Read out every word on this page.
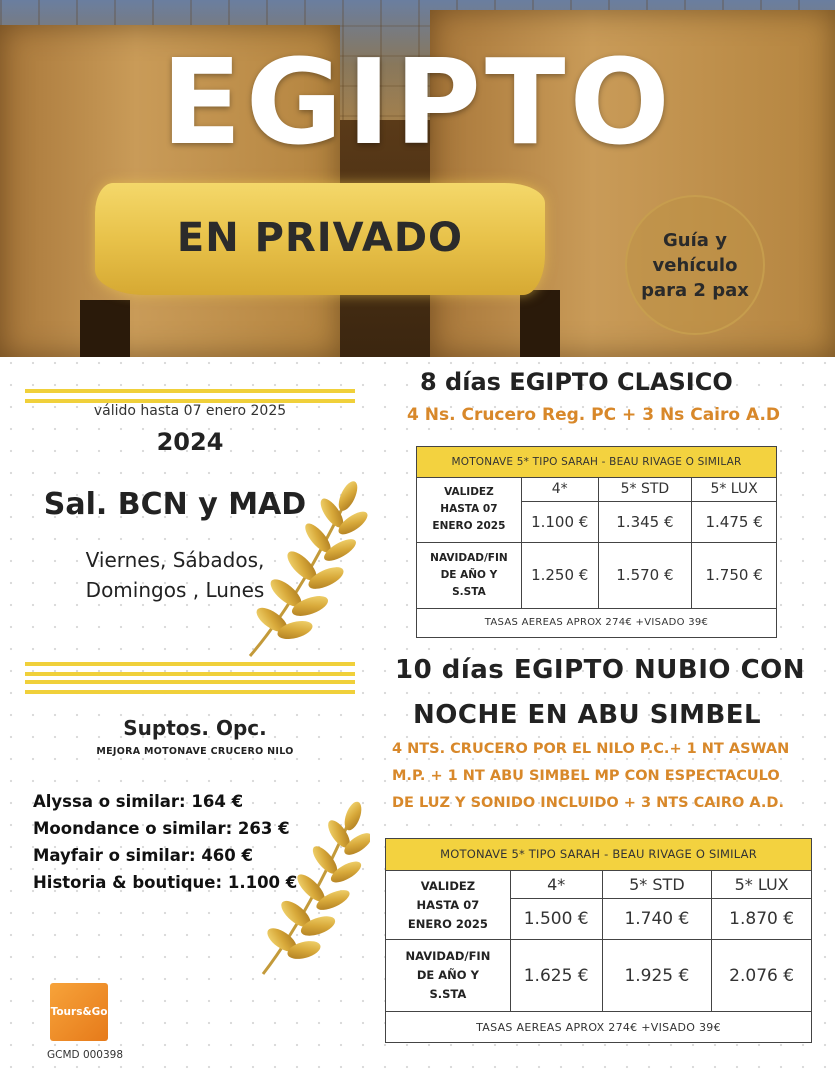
EGIPTO
EN PRIVADO	Guía y
vehículo
para 2 pax
válido hasta 07 enero 2025
2024
Sal. BCN y MAD
Viernes, Sábados,
Domingos , Lunes
Suptos. Opc.
MEJORA MOTONAVE CRUCERO NILO
Alyssa o similar: 164 €
Moondance o similar: 263 €
Mayfair o similar: 460 €
Historia & boutique: 1.100 €
Tours&Go
GCMD 000398
8 días EGIPTO CLASICO
4 Ns. Crucero Reg. PC + 3 Ns Cairo A.D
MOTONAVE 5* TIPO SARAH - BEAU RIVAGE O SIMILAR			

VALIDEZ
HASTA 07
ENERO 2025	4*	5* STD	5* LUX
	1.100 €	1.345 €	1.475 €

NAVIDAD/FIN
DE AÑO Y
S.STA	1.250 €	1.570 €	1.750 €
TASAS AEREAS APROX 274€ +VISADO 39€			
10 días EGIPTO NUBIO CON
NOCHE EN ABU SIMBEL
4 NTS. CRUCERO POR EL NILO P.C.+ 1 NT ASWAN
M.P. + 1 NT ABU SIMBEL MP CON ESPECTACULO
DE LUZ Y SONIDO INCLUIDO + 3 NTS CAIRO A.D.
MOTONAVE 5* TIPO SARAH - BEAU RIVAGE O SIMILAR			

VALIDEZ
HASTA 07
ENERO 2025	4*	5* STD	5* LUX
	1.500 €	1.740 €	1.870 €

NAVIDAD/FIN
DE AÑO Y
S.STA	1.625 €	1.925 €	2.076 €
TASAS AEREAS APROX 274€ +VISADO 39€			
